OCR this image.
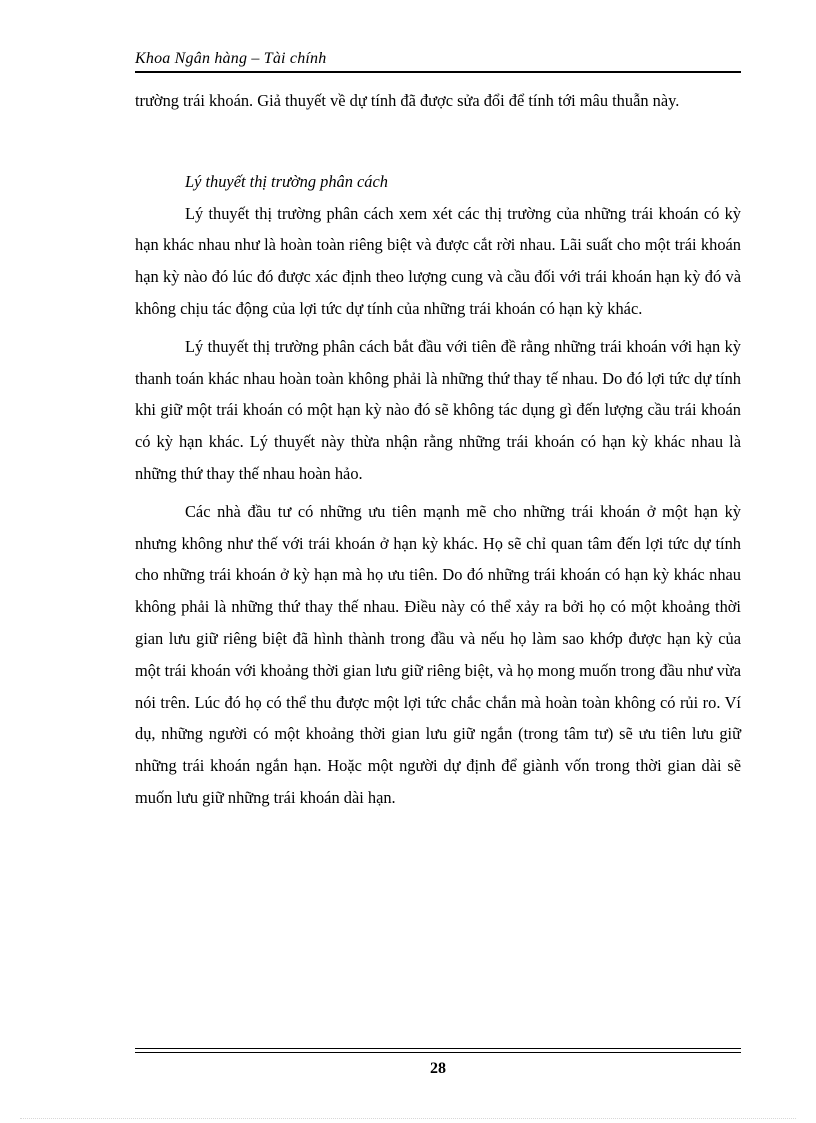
Khoa Ngân hàng – Tài chính

trường trái khoán. Giả thuyết về dự tính đã được sửa đổi để tính tới mâu thuẫn này.

Lý thuyết thị trường phân cách

Lý thuyết thị trường phân cách xem xét các thị trường của những trái khoán có kỳ hạn khác nhau như là hoàn toàn riêng biệt và được cắt rời nhau. Lãi suất cho một trái khoán hạn kỳ nào đó lúc đó được xác định theo lượng cung và cầu đối với trái khoán hạn kỳ đó và không chịu tác động của lợi tức dự tính của những trái khoán có hạn kỳ khác.

Lý thuyết thị trường phân cách bắt đầu với tiên đề rằng những trái khoán với hạn kỳ thanh toán khác nhau hoàn toàn không phải là những thứ thay tế nhau. Do đó lợi tức dự tính khi giữ một trái khoán có một hạn kỳ nào đó sẽ không tác dụng gì đến lượng cầu trái khoán có kỳ hạn khác. Lý thuyết này thừa nhận rằng những trái khoán có hạn kỳ khác nhau là những thứ thay thế nhau hoàn hảo.

Các nhà đầu tư có những ưu tiên mạnh mẽ cho những trái khoán ở một hạn kỳ nhưng không như thế với trái khoán ở hạn kỳ khác. Họ sẽ chỉ quan tâm đến lợi tức dự tính cho những trái khoán ở kỳ hạn mà họ ưu tiên. Do đó những trái khoán có hạn kỳ khác nhau không phải là những thứ thay thế nhau. Điều này có thể xảy ra bởi họ có một khoảng thời gian lưu giữ riêng biệt đã hình thành trong đầu và nếu họ làm sao khớp được hạn kỳ của một trái khoán với khoảng thời gian lưu giữ riêng biệt, và họ mong muốn trong đầu như vừa nói trên. Lúc đó họ có thể thu được một lợi tức chắc chắn mà hoàn toàn không có rủi ro. Ví dụ, những người có một khoảng thời gian lưu giữ ngắn (trong tâm tư) sẽ ưu tiên lưu giữ những trái khoán ngắn hạn. Hoặc một người dự định để giành vốn trong thời gian dài sẽ muốn lưu giữ những trái khoán dài hạn.

28
